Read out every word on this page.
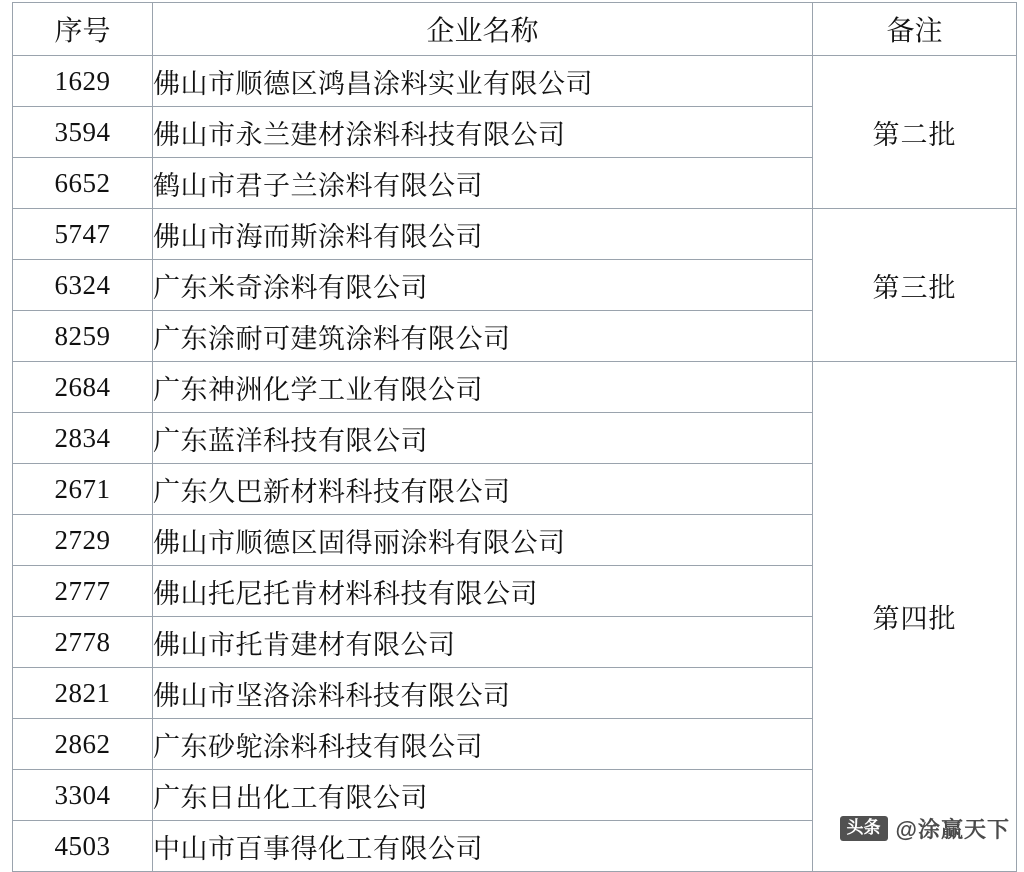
序号	企业名称	备注
1629	佛山市顺德区鸿昌涂料实业有限公司	第二批
3594	佛山市永兰建材涂料科技有限公司	
6652	鹤山市君子兰涂料有限公司	
5747	佛山市海而斯涂料有限公司	第三批
6324	广东米奇涂料有限公司	
8259	广东涂耐可建筑涂料有限公司	
2684	广东神洲化学工业有限公司	第四批
2834	广东蓝洋科技有限公司	
2671	广东久巴新材料科技有限公司	
2729	佛山市顺德区固得丽涂料有限公司	
2777	佛山托尼托肯材料科技有限公司	
2778	佛山市托肯建材有限公司	
2821	佛山市坚洛涂料科技有限公司	
2862	广东砂鸵涂料科技有限公司	
3304	广东日出化工有限公司	
4503	中山市百事得化工有限公司	
头条 @涂赢天下
